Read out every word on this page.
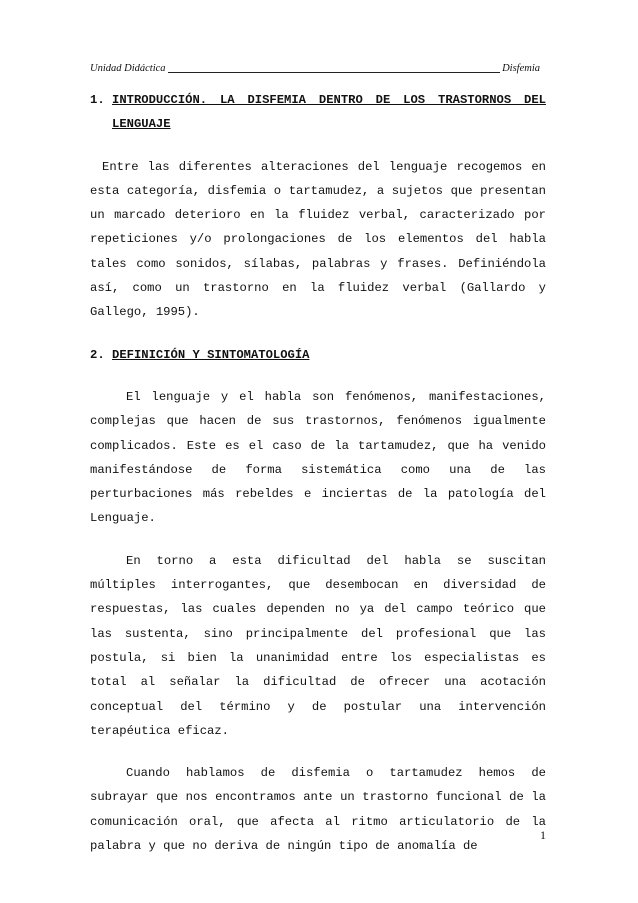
Unidad Didáctica	Disfemia
1. INTRODUCCIÓN. LA DISFEMIA DENTRO DE LOS TRASTORNOS DEL LENGUAJE

Entre las diferentes alteraciones del lenguaje recogemos en esta categoría, disfemia o tartamudez, a sujetos que presentan un marcado deterioro en la fluidez verbal, caracterizado por repeticiones y/o prolongaciones de los elementos del habla tales como sonidos, sílabas, palabras y frases. Definiéndola así, como un trastorno en la fluidez verbal (Gallardo y Gallego, 1995).

2. DEFINICIÓN Y SINTOMATOLOGÍA

El lenguaje y el habla son fenómenos, manifestaciones, complejas que hacen de sus trastornos, fenómenos igualmente complicados. Este es el caso de la tartamudez, que ha venido manifestándose de forma sistemática como una de las perturbaciones más rebeldes e inciertas de la patología del Lenguaje.

En torno a esta dificultad del habla se suscitan múltiples interrogantes, que desembocan en diversidad de respuestas, las cuales dependen no ya del campo teórico que las sustenta, sino principalmente del profesional que las postula, si bien la unanimidad entre los especialistas es total al señalar la dificultad de ofrecer una acotación conceptual del término y de postular una intervención terapéutica eficaz.

Cuando hablamos de disfemia o tartamudez hemos de subrayar que nos encontramos ante un trastorno funcional de la comunicación oral, que afecta al ritmo articulatorio de la palabra y que no deriva de ningún tipo de anomalía de

1
